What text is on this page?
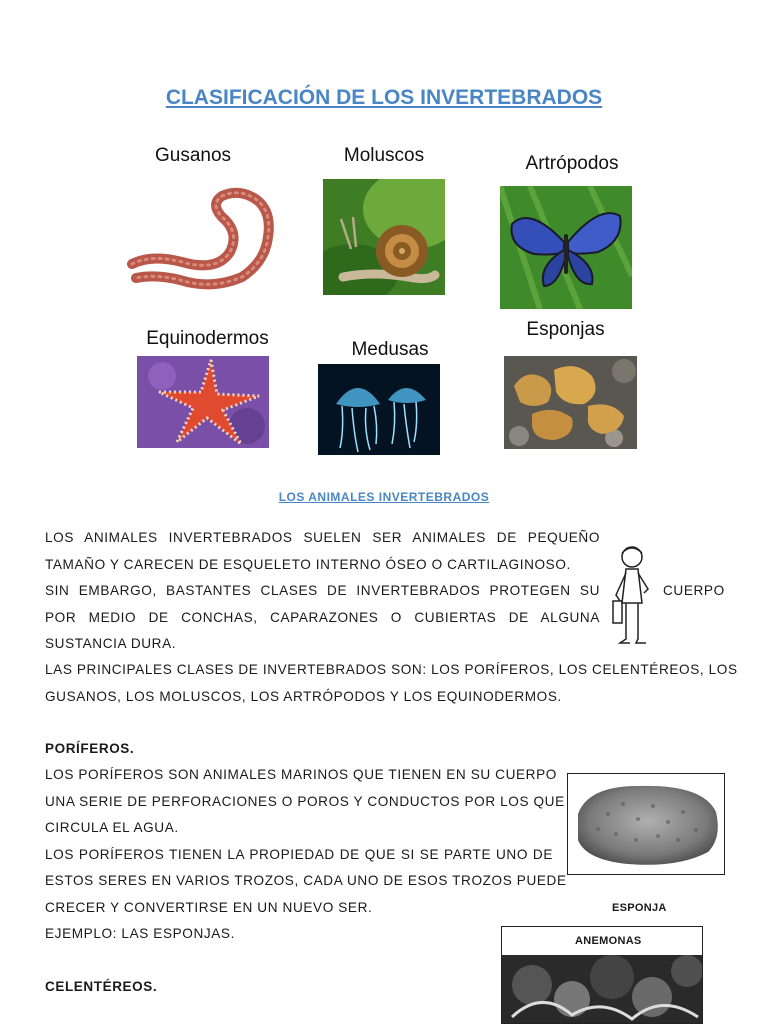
CLASIFICACIÓN DE LOS INVERTEBRADOS
Gusanos	Moluscos	Artrópodos
Equinodermos
Medusas
Esponjas
LOS ANIMALES INVERTEBRADOS
LOS ANIMALES INVERTEBRADOS SUELEN SER ANIMALES DE PEQUEÑO
TAMAÑO Y CARECEN DE ESQUELETO INTERNO ÓSEO O CARTILAGINOSO.
SIN EMBARGO, BASTANTES CLASES DE INVERTEBRADOS PROTEGEN SU	CUERPO
POR MEDIO DE CONCHAS, CAPARAZONES O CUBIERTAS DE ALGUNA
SUSTANCIA DURA.
LAS PRINCIPALES CLASES DE INVERTEBRADOS SON: LOS PORÍFEROS, LOS CELENTÉREOS, LOS
GUSANOS, LOS MOLUSCOS, LOS ARTRÓPODOS Y LOS EQUINODERMOS.
PORÍFEROS.
LOS PORÍFEROS SON ANIMALES MARINOS QUE TIENEN EN SU CUERPO
UNA SERIE DE PERFORACIONES O POROS Y CONDUCTOS POR LOS QUE
CIRCULA EL AGUA.
LOS PORÍFEROS TIENEN LA PROPIEDAD DE QUE SI SE PARTE UNO DE
ESTOS SERES EN VARIOS TROZOS, CADA UNO DE ESOS TROZOS PUEDE
CRECER Y CONVERTIRSE EN UN NUEVO SER.
EJEMPLO: LAS ESPONJAS.
ESPONJA
ANEMONAS
CELENTÉREOS.
